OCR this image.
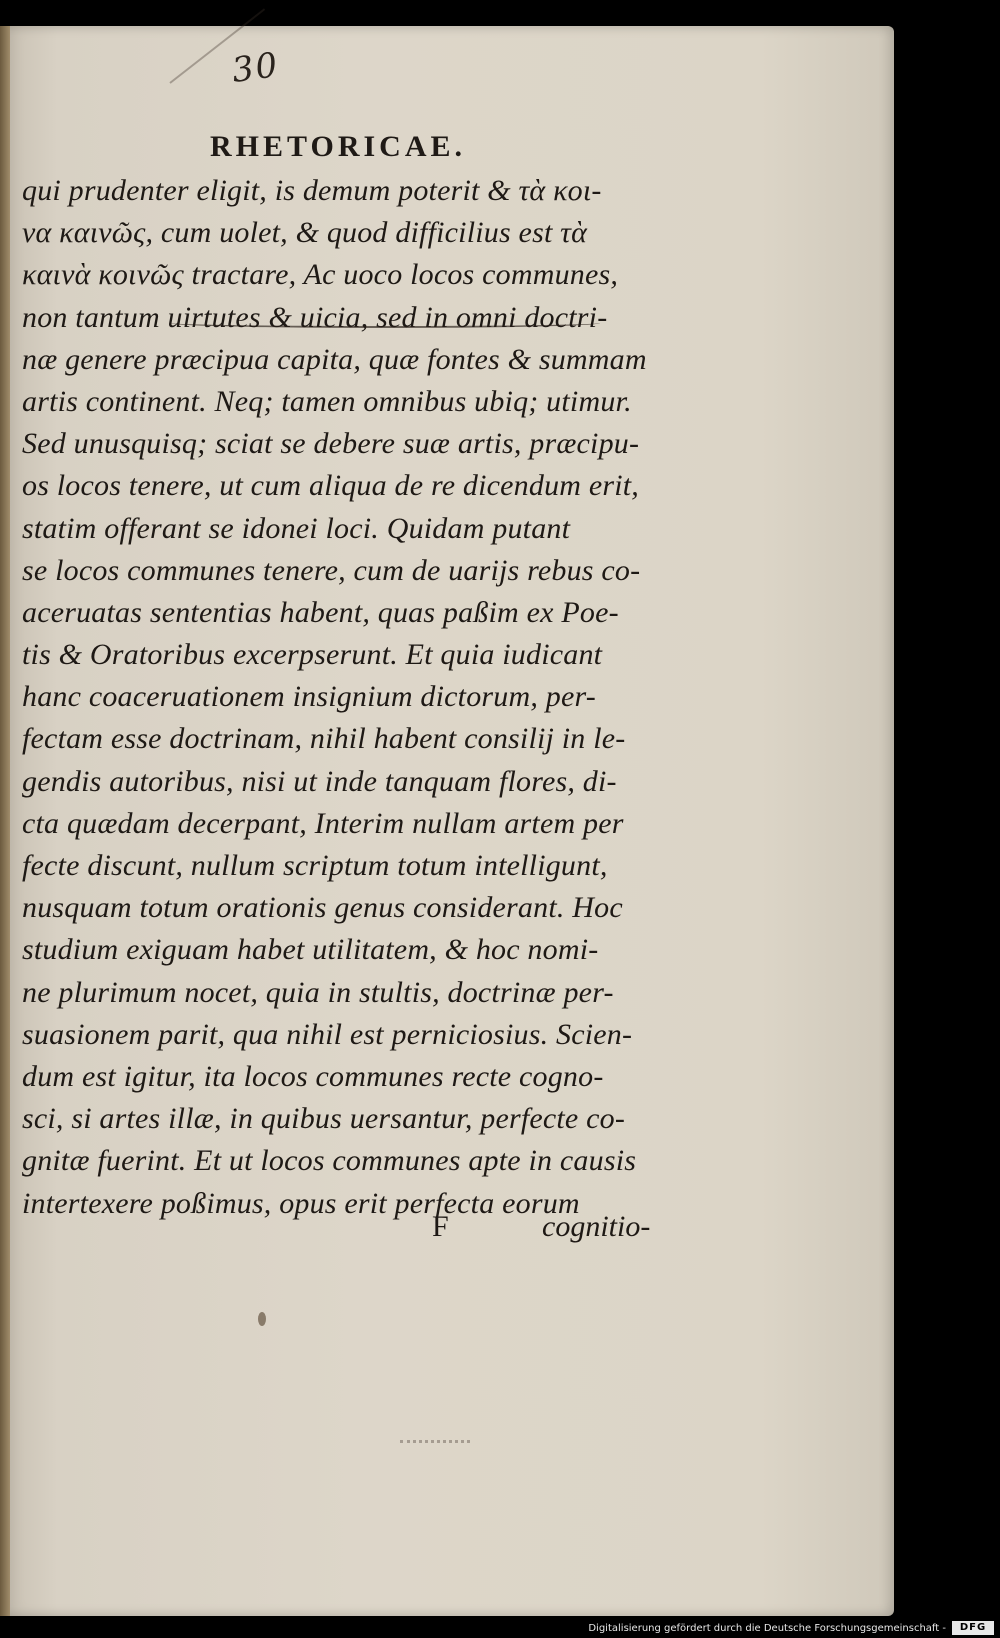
30
RHETORICAE.
qui prudenter eligit, is demum poterit & τὰ κοι-
να καινῶς, cum uolet, & quod difficilius est τὰ
καινὰ κοινῶς tractare, Ac uoco locos communes,
non tantum uirtutes & uicia, sed in omni doctri-
næ genere præcipua capita, quæ fontes & summam
artis continent. Neq; tamen omnibus ubiq; utimur.
Sed unusquisq; sciat se debere suæ artis, præcipu-
os locos tenere, ut cum aliqua de re dicendum erit,
statim offerant se idonei loci. Quidam putant
se locos communes tenere, cum de uarijs rebus co-
aceruatas sententias habent, quas paßim ex Poe-
tis & Oratoribus excerpserunt. Et quia iudicant
hanc coaceruationem insignium dictorum, per-
fectam esse doctrinam, nihil habent consilij in le-
gendis autoribus, nisi ut inde tanquam flores, di-
cta quædam decerpant, Interim nullam artem per
fecte discunt, nullum scriptum totum intelligunt,
nusquam totum orationis genus considerant. Hoc
studium exiguam habet utilitatem, & hoc nomi-
ne plurimum nocet, quia in stultis, doctrinæ per-
suasionem parit, qua nihil est perniciosius. Scien-
dum est igitur, ita locos communes recte cogno-
sci, si artes illæ, in quibus uersantur, perfecte co-
gnitæ fuerint. Et ut locos communes apte in causis
intertexere poßimus, opus erit perfecta eorum
F	cognitio-
Digitalisierung gefördert durch die Deutsche Forschungsgemeinschaft -	DFG
